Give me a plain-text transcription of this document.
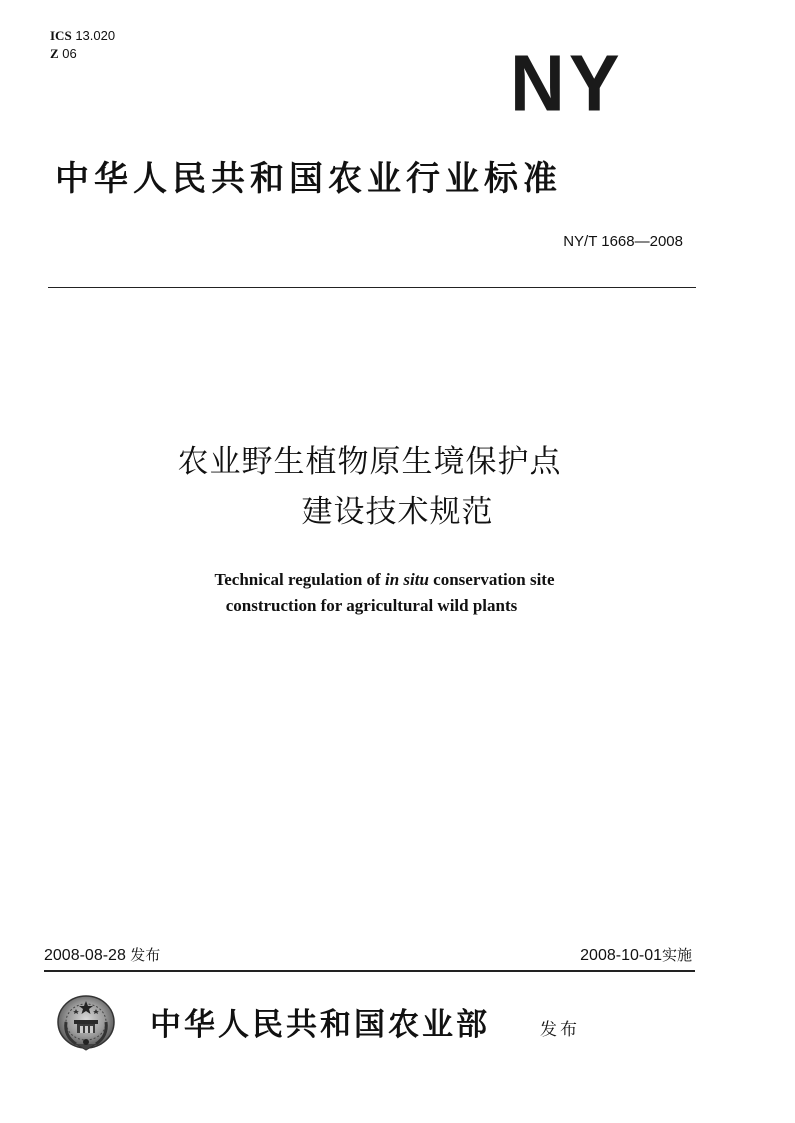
ICS 13.020
Z 06	NY
中华人民共和国农业行业标准
NY/T 1668—2008
农业野生植物原生境保护点
建设技术规范
Technical regulation of in situ conservation site
construction for agricultural wild plants
2008-08-28 发布	2008-10-01实施
中华人民共和国农业部	发布
